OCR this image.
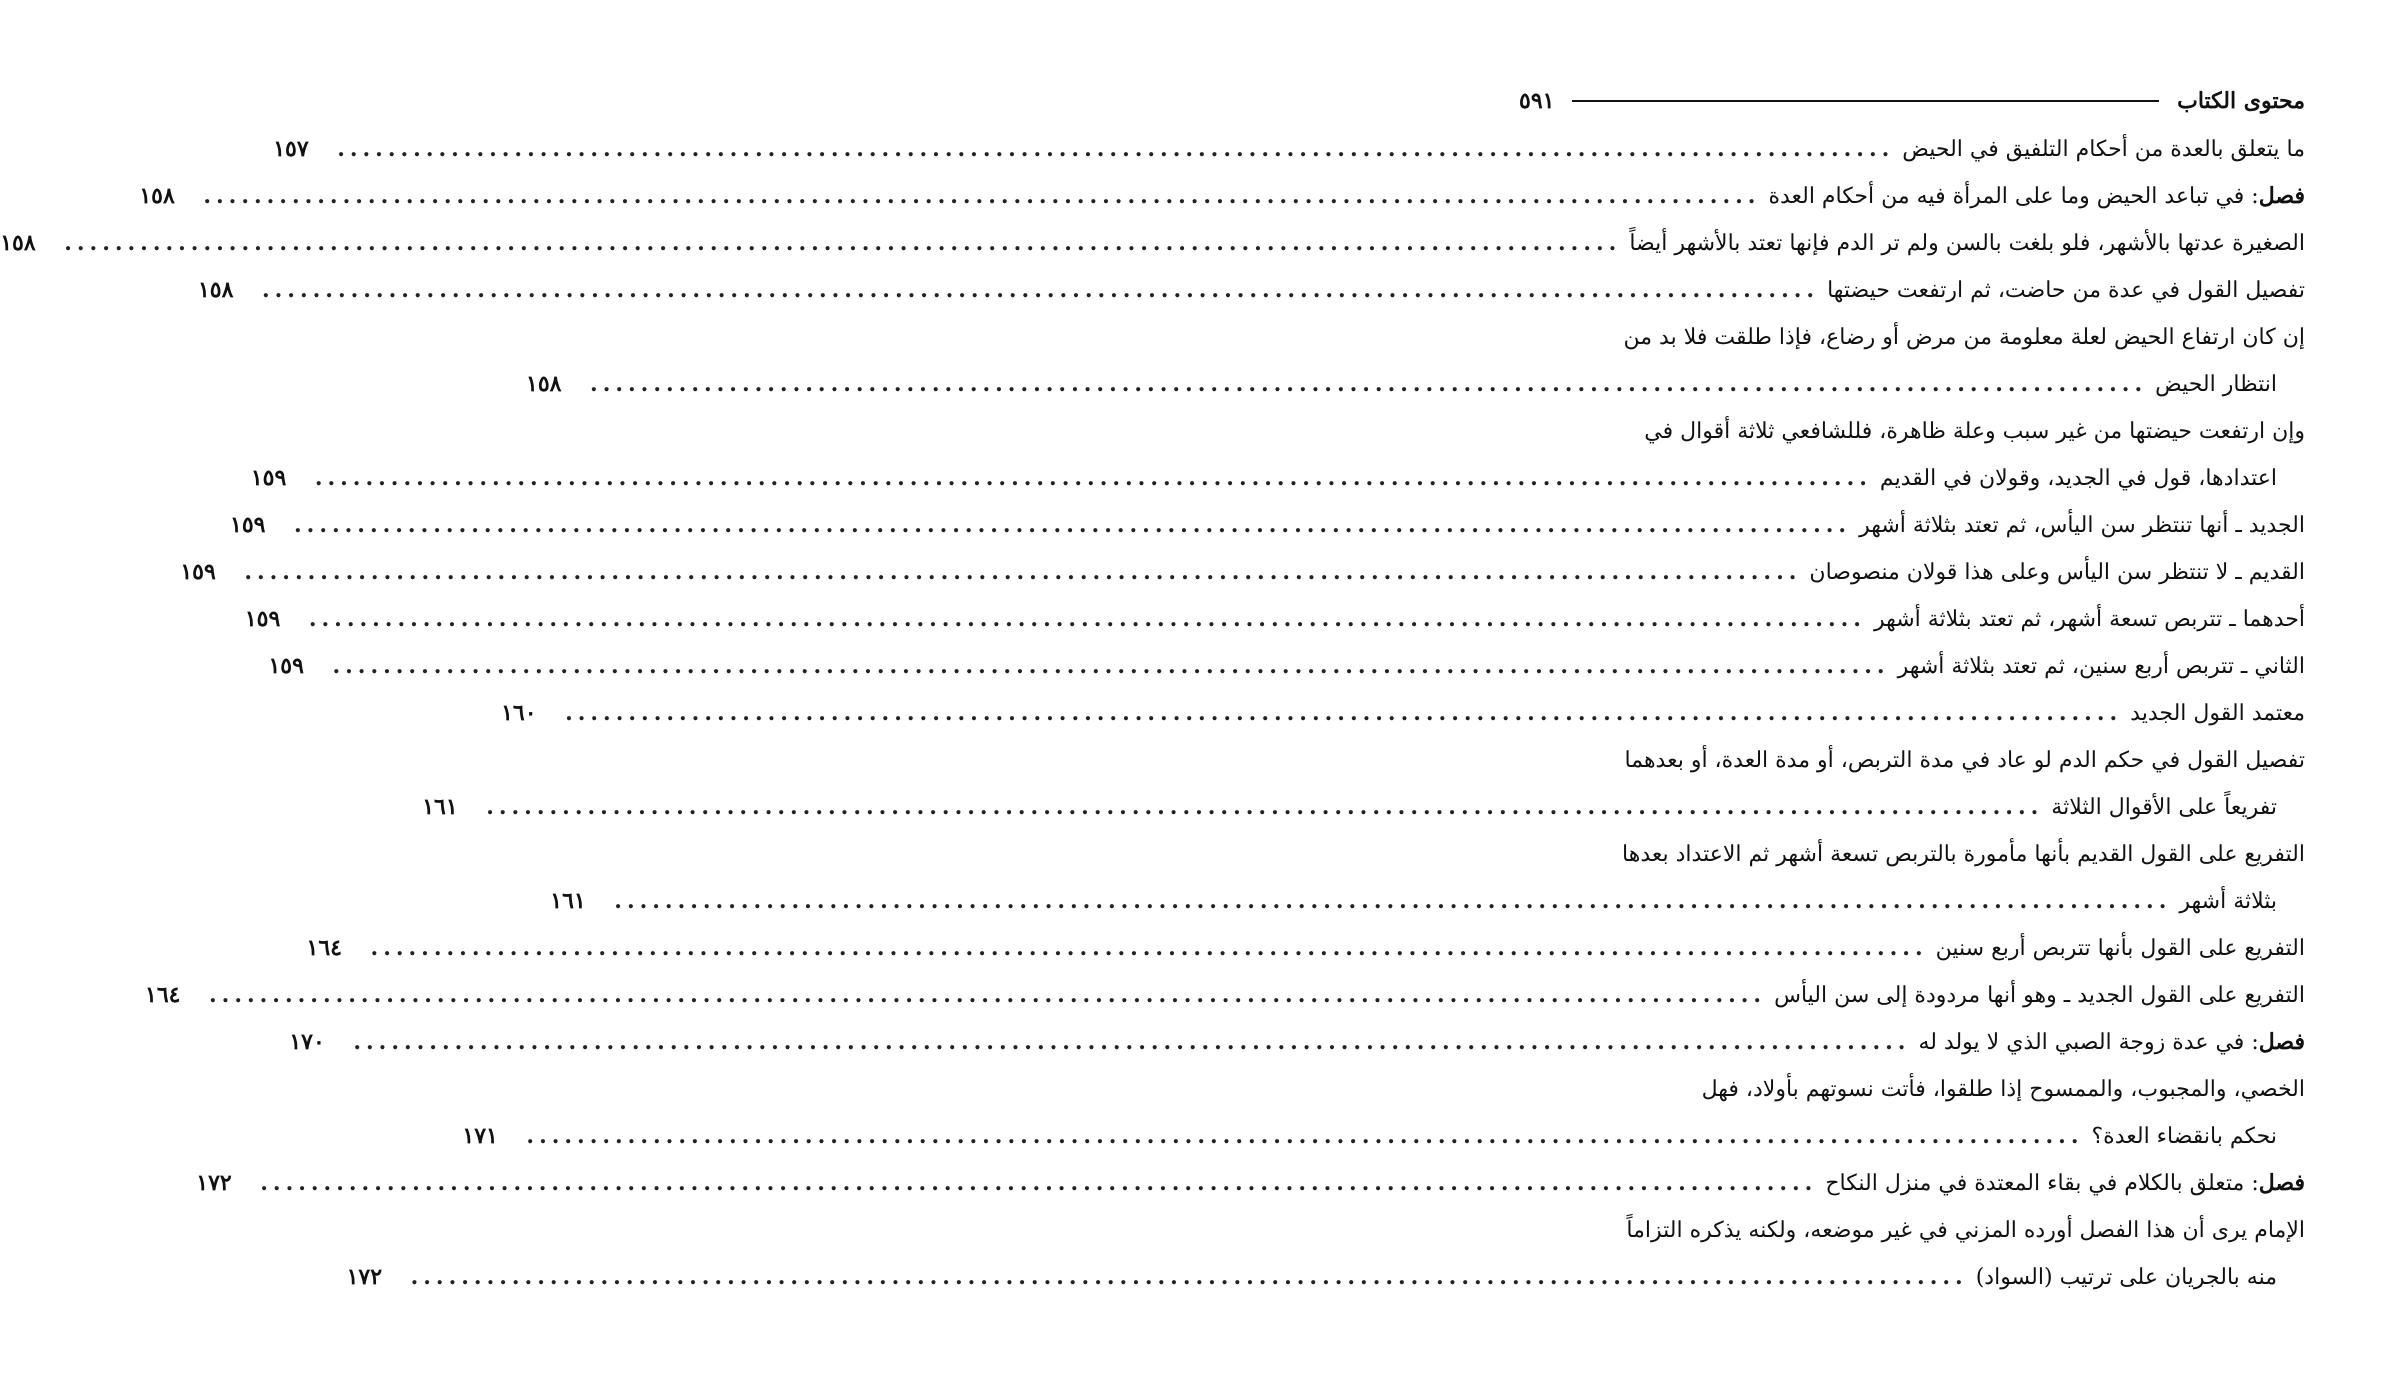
محتوى الكتاب
٥٩١
ما يتعلق بالعدة من أحكام التلفيق في الحيض
...........................................................................................................................
١٥٧
فصل: في تباعد الحيض وما على المرأة فيه من أحكام العدة
...........................................................................................................................
١٥٨
الصغيرة عدتها بالأشهر، فلو بلغت بالسن ولم تر الدم فإنها تعتد بالأشهر أيضاً
...........................................................................................................................
١٥٨
تفصيل القول في عدة من حاضت، ثم ارتفعت حيضتها
...........................................................................................................................
١٥٨
إن كان ارتفاع الحيض لعلة معلومة من مرض أو رضاع، فإذا طلقت فلا بد من
انتظار الحيض
...........................................................................................................................
١٥٨
وإن ارتفعت حيضتها من غير سبب وعلة ظاهرة، فللشافعي ثلاثة أقوال في
اعتدادها، قول في الجديد، وقولان في القديم
...........................................................................................................................
١٥٩
الجديد ـ أنها تنتظر سن اليأس، ثم تعتد بثلاثة أشهر
...........................................................................................................................
١٥٩
القديم ـ لا تنتظر سن اليأس وعلى هذا قولان منصوصان
...........................................................................................................................
١٥٩
أحدهما ـ تتربص تسعة أشهر، ثم تعتد بثلاثة أشهر
...........................................................................................................................
١٥٩
الثاني ـ تتربص أربع سنين، ثم تعتد بثلاثة أشهر
...........................................................................................................................
١٥٩
معتمد القول الجديد
...........................................................................................................................
١٦٠
تفصيل القول في حكم الدم لو عاد في مدة التربص، أو مدة العدة، أو بعدهما
تفريعاً على الأقوال الثلاثة
...........................................................................................................................
١٦١
التفريع على القول القديم بأنها مأمورة بالتربص تسعة أشهر ثم الاعتداد بعدها
بثلاثة أشهر
...........................................................................................................................
١٦١
التفريع على القول بأنها تتربص أربع سنين
...........................................................................................................................
١٦٤
التفريع على القول الجديد ـ وهو أنها مردودة إلى سن اليأس
...........................................................................................................................
١٦٤
فصل: في عدة زوجة الصبي الذي لا يولد له
...........................................................................................................................
١٧٠
الخصي، والمجبوب، والممسوح إذا طلقوا، فأتت نسوتهم بأولاد، فهل
نحكم بانقضاء العدة؟
...........................................................................................................................
١٧١
فصل: متعلق بالكلام في بقاء المعتدة في منزل النكاح
...........................................................................................................................
١٧٢
الإمام يرى أن هذا الفصل أورده المزني في غير موضعه، ولكنه يذكره التزاماً
منه بالجريان على ترتيب (السواد)
...........................................................................................................................
١٧٢
